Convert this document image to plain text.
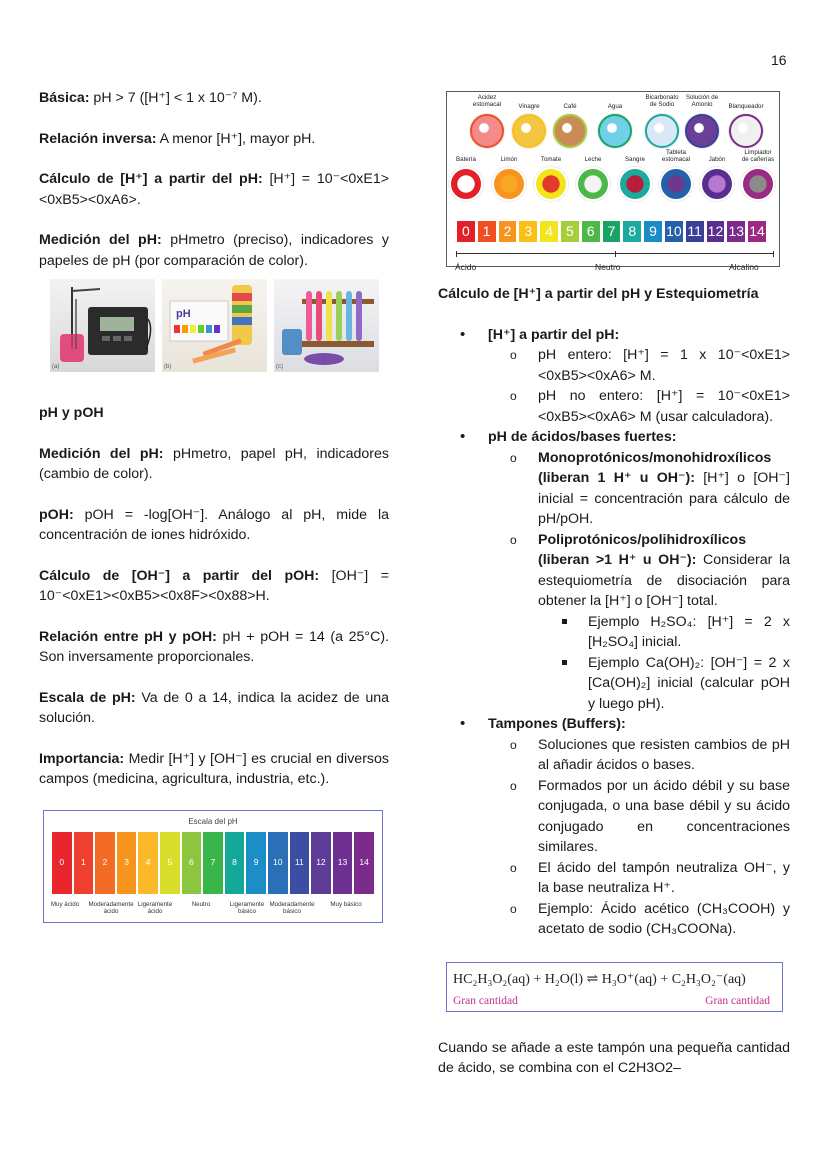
16

Básica: pH > 7 ([H⁺] < 1 x 10⁻⁷ M).

Relación inversa: A menor [H⁺], mayor pH.

Cálculo de [H⁺] a partir del pH: [H⁺] = 10⁻<0xE1><0xB5><0xA6>.

Medición del pH: pHmetro (preciso), indicadores y papeles de pH (por comparación de color).

(a)
pH
(b)	(c)

pH y pOH

Medición del pH: pHmetro, papel pH, indicadores (cambio de color).

pOH: pOH = -log[OH⁻]. Análogo al pH, mide la concentración de iones hidróxido.

Cálculo de [OH⁻] a partir del pOH: [OH⁻] = 10⁻<0xE1><0xB5><0x8F><0x88>H.

Relación entre pH y pOH: pH + pOH = 14 (a 25°C). Son inversamente proporcionales.

Escala de pH: Va de 0 a 14, indica la acidez de una solución.

Importancia: Medir [H⁺] y [OH⁻] es crucial en diversos campos (medicina, agricultura, industria, etc.).

Escala del pH
0	1	2	3	4	5	6	7	8	9	10	11	12	13	14
Muy ácido Moderadamente
ácido
Ligeramente
ácido
Neutro	Ligeramente
básico
Moderadamente
básico
Muy básico
0 1 2 3 4 5 6 7 8 9 10 11 12 13 14
Ácido	Neutro	Alcalino
Acidez
estomacal	Vinagre	Café	Agua
Bicarbonato
de Sodio
Solución de
Amonio	Blanqueador
Batería	Limón	Tomate	Leche	Sangre
Tableta
estomacal	Jabón
Limpiador
de cañerías

Cálculo de [H⁺] a partir del pH y Estequiometría

• [H⁺] a partir del pH:
o pH entero: [H⁺] = 1 x 10⁻<0xE1><0xB5><0xA6> M.
o pH no entero: [H⁺] = 10⁻<0xE1><0xB5><0xA6> M (usar calculadora).
• pH de ácidos/bases fuertes:
o Monoprotónicos/monohidroxílicos (liberan 1 H⁺ u OH⁻): [H⁺] o [OH⁻] inicial = concentración para cálculo de pH/pOH.
o Poliprotónicos/polihidroxílicos (liberan >1 H⁺ u OH⁻): Considerar la estequiometría de disociación para obtener la [H⁺] o [OH⁻] total.
Ejemplo H₂SO₄: [H⁺] = 2 x [H₂SO₄] inicial.
Ejemplo Ca(OH)₂: [OH⁻] = 2 x [Ca(OH)₂] inicial (calcular pOH y luego pH).
• Tampones (Buffers):
o Soluciones que resisten cambios de pH al añadir ácidos o bases.
o Formados por un ácido débil y su base conjugada, o una base débil y su ácido conjugado en concentraciones similares.
o El ácido del tampón neutraliza OH⁻, y la base neutraliza H⁺.
o Ejemplo: Ácido acético (CH₃COOH) y acetato de sodio (CH₃COONa).
HC₂H₃O₂(aq) + H₂O(l) ⇌ H₃O⁺(aq) + C₂H₃O₂⁻(aq)
Gran cantidad	Gran cantidad

Cuando se añade a este tampón una pequeña cantidad de ácido, se combina con el C2H3O2–
